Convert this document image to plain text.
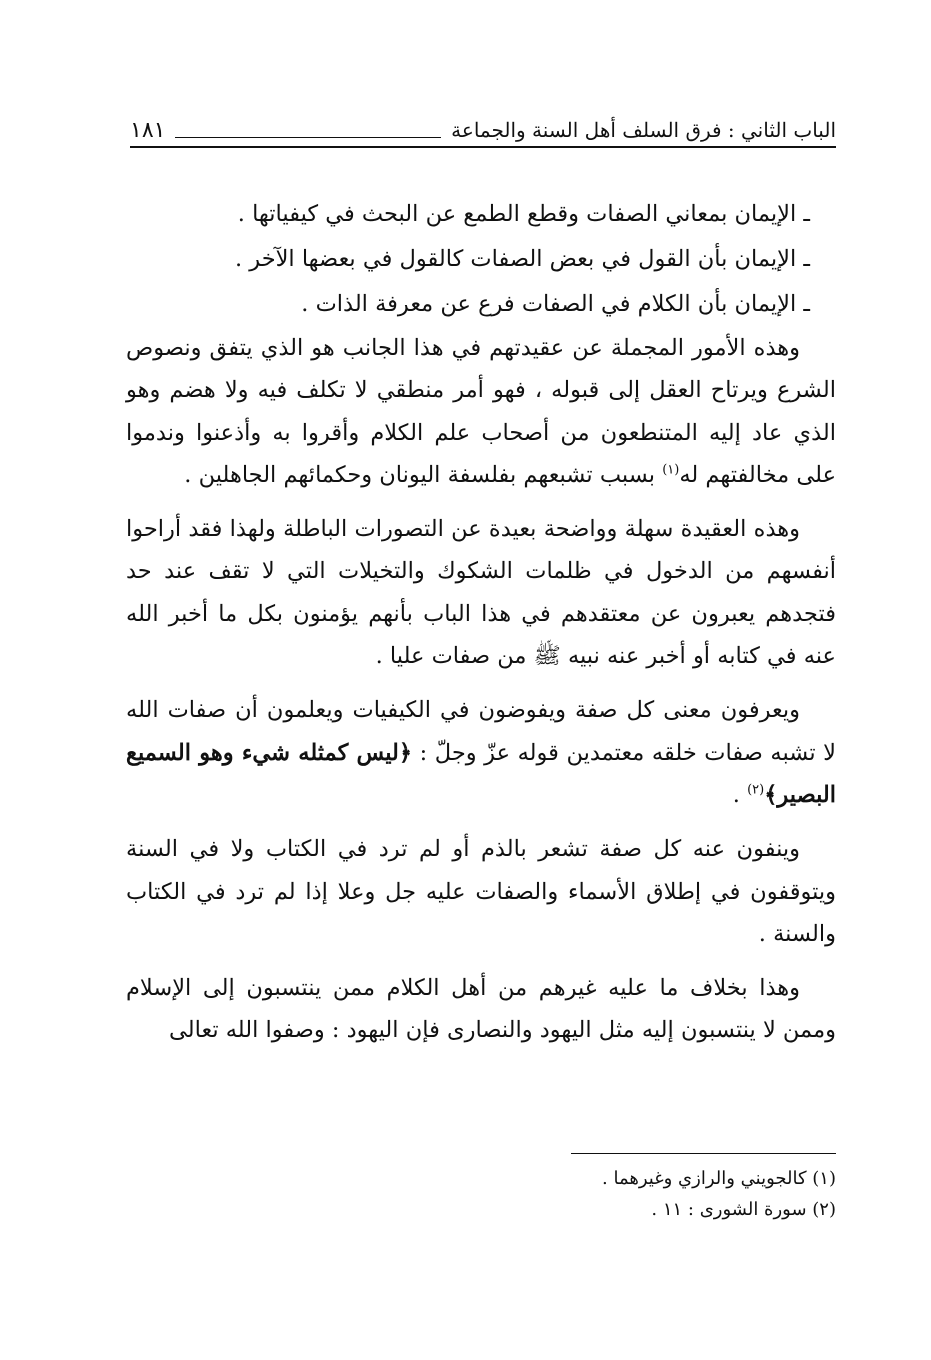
الباب الثاني : فرق السلف أهل السنة والجماعة
١٨١
ـ الإيمان بمعاني الصفات وقطع الطمع عن البحث في كيفياتها .
ـ الإيمان بأن القول في بعض الصفات كالقول في بعضها الآخر .
ـ الإيمان بأن الكلام في الصفات فرع عن معرفة الذات .

وهذه الأمور المجملة عن عقيدتهم في هذا الجانب هو الذي يتفق ونصوص الشرع ويرتاح العقل إلى قبوله ، فهو أمر منطقي لا تكلف فيه ولا هضم وهو الذي عاد إليه المتنطعون من أصحاب علم الكلام وأقروا به وأذعنوا وندموا على مخالفتهم له$^{(١)}$ بسبب تشبعهم بفلسفة اليونان وحكمائهم الجاهلين .

وهذه العقيدة سهلة وواضحة بعيدة عن التصورات الباطلة ولهذا فقد أراحوا أنفسهم من الدخول في ظلمات الشكوك والتخيلات التي لا تقف عند حد فتجدهم يعبرون عن معتقدهم في هذا الباب بأنهم يؤمنون بكل ما أخبر الله عنه في كتابه أو أخبر عنه نبيه ﷺ من صفات عليا .

ويعرفون معنى كل صفة ويفوضون في الكيفيات ويعلمون أن صفات الله لا تشبه صفات خلقه معتمدين قوله عزّ وجلّ : ﴿ليس كمثله شيء وهو السميع البصير﴾$^{(٢)}$ .

وينفون عنه كل صفة تشعر بالذم أو لم ترد في الكتاب ولا في السنة ويتوقفون في إطلاق الأسماء والصفات عليه جل وعلا إذا لم ترد في الكتاب والسنة .

وهذا بخلاف ما عليه غيرهم من أهل الكلام ممن ينتسبون إلى الإسلام وممن لا ينتسبون إليه مثل اليهود والنصارى فإن اليهود : وصفوا الله تعالى

(١) كالجويني والرازي وغيرهما .

(٢) سورة الشورى : ١١ .
